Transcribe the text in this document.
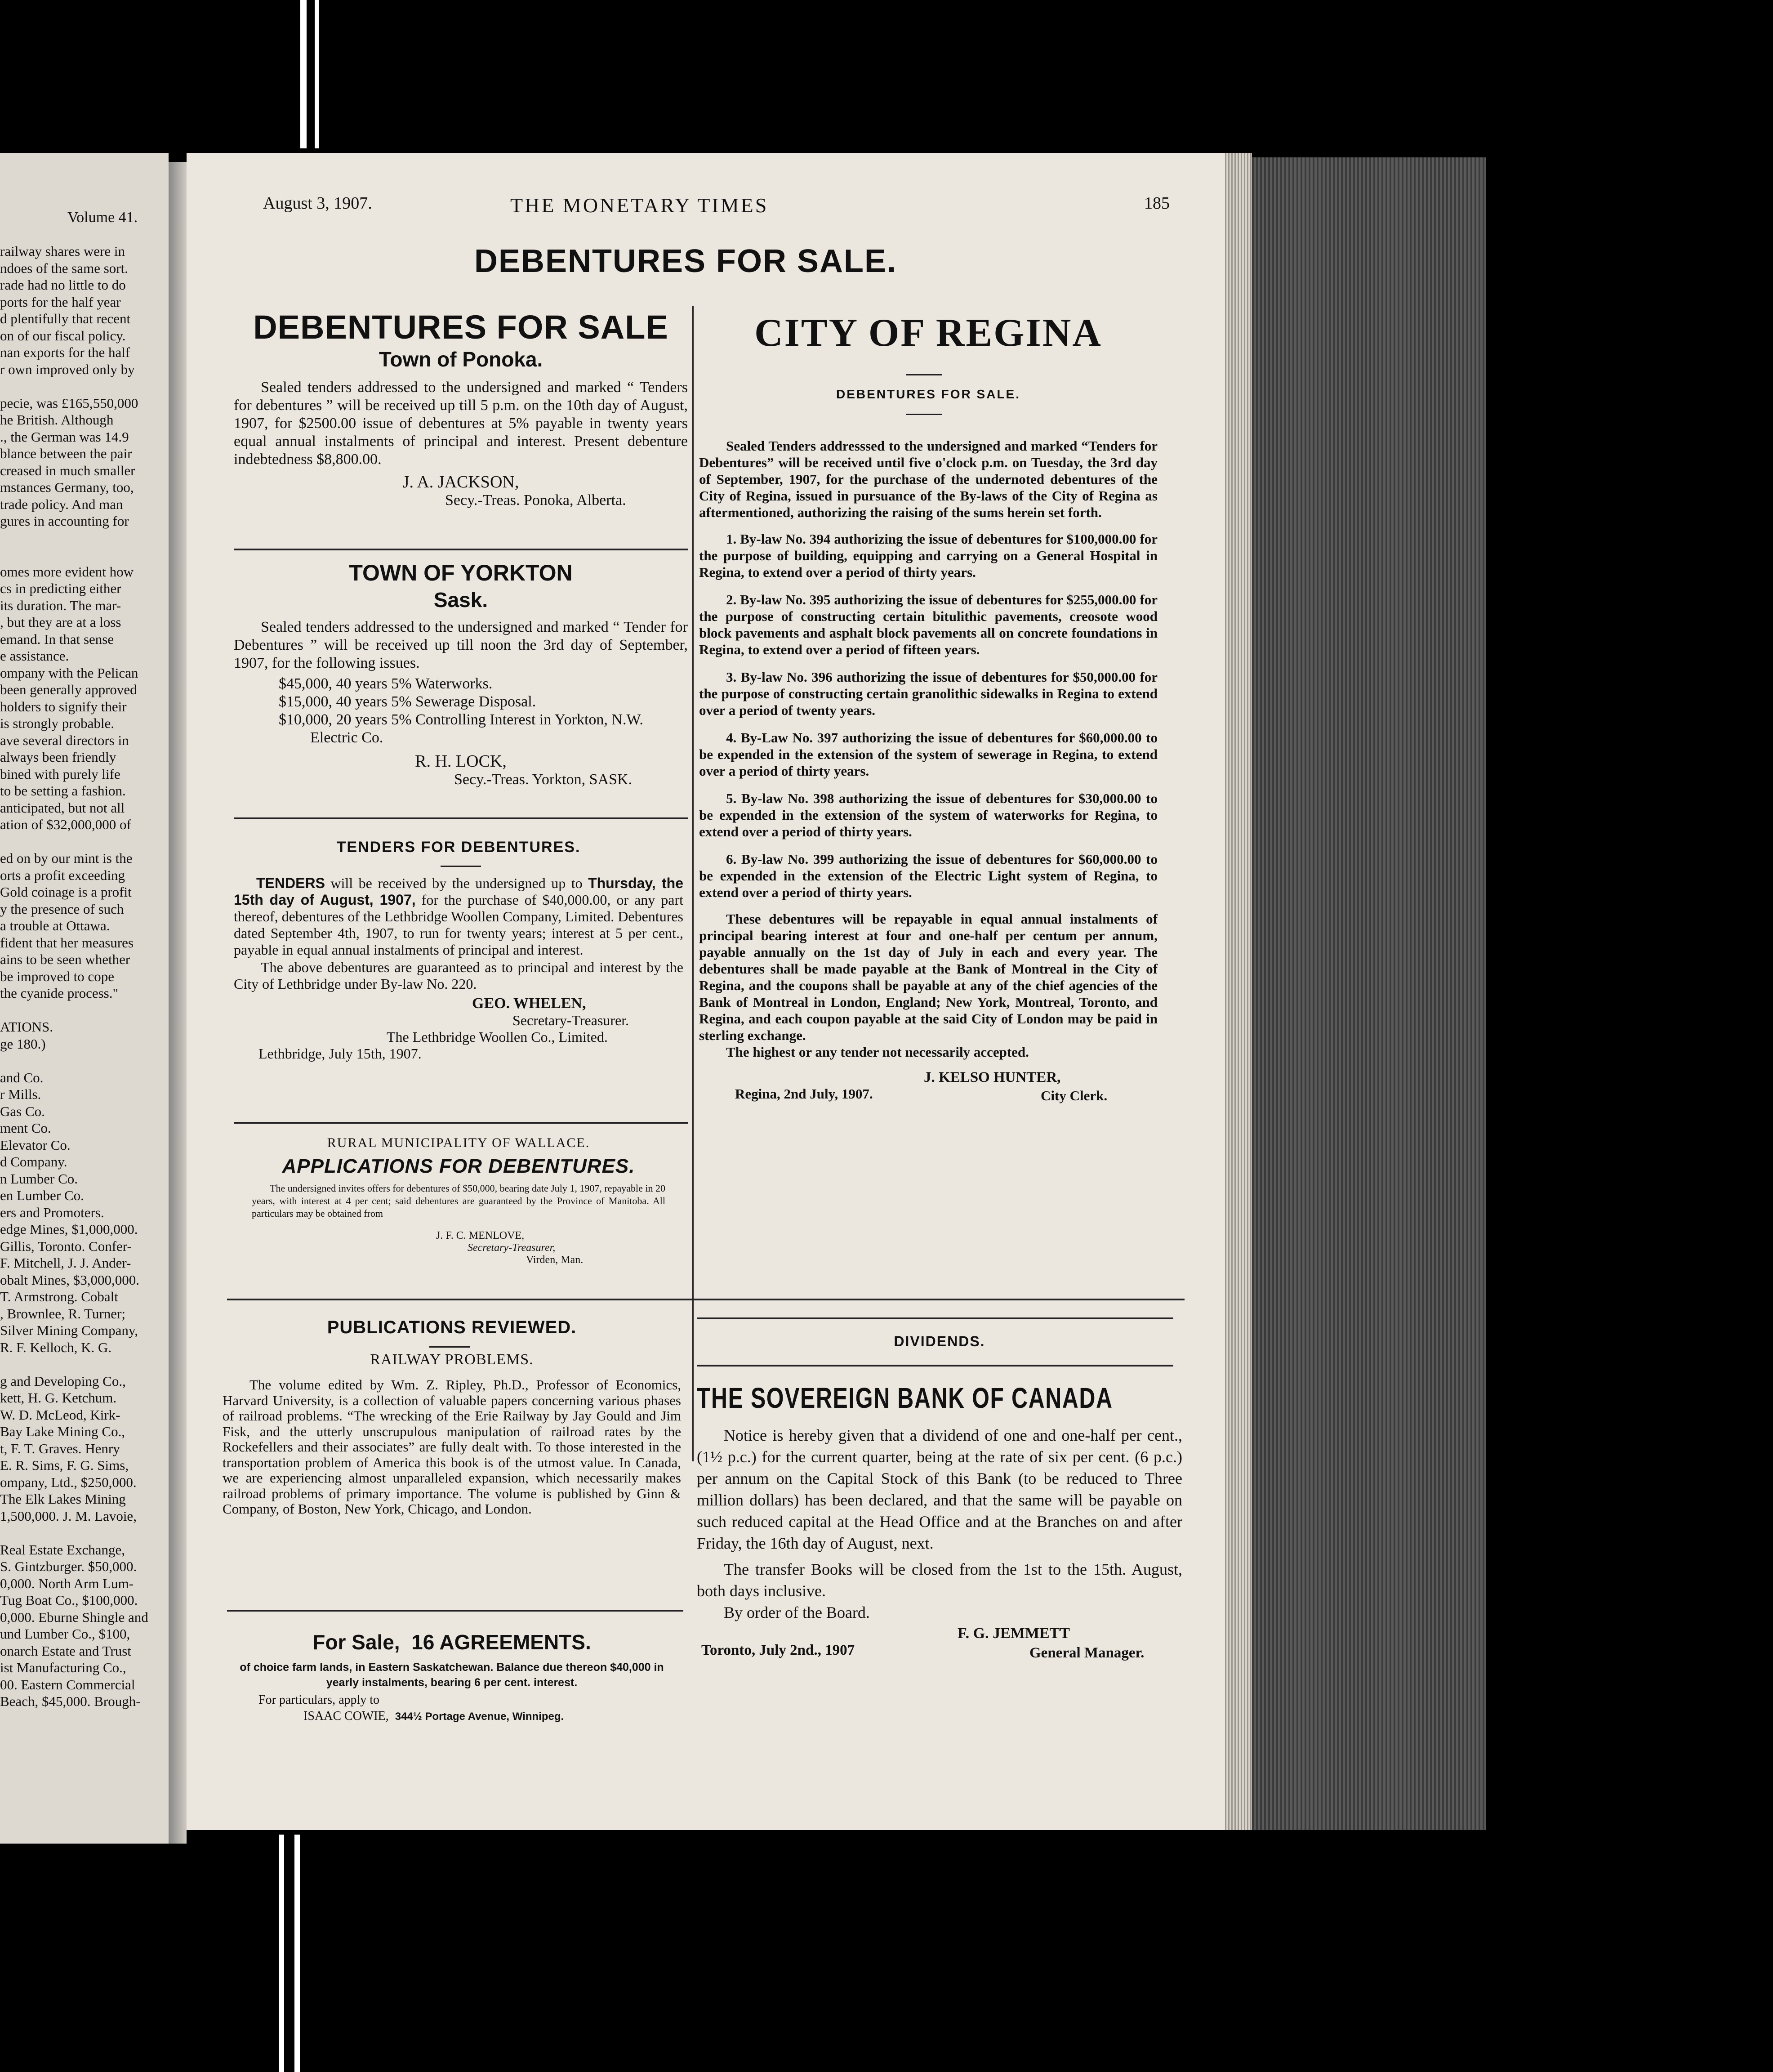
Volume 41.
railway shares were in
ndoes of the same sort.
rade had no little to do
ports for the half year
d plentifully that recent
on of our fiscal policy.
nan exports for the half
r own improved only by

pecie, was £165,550,000
he British. Although
., the German was 14.9
blance between the pair
creased in much smaller
mstances Germany, too,
trade policy. And man
gures in accounting for

omes more evident how
cs in predicting either
its duration. The mar-
, but they are at a loss
emand. In that sense
e assistance.
ompany with the Pelican
been generally approved
holders to signify their
is strongly probable.
ave several directors in
always been friendly
bined with purely life
to be setting a fashion.
anticipated, but not all
ation of $32,000,000 of

ed on by our mint is the
orts a profit exceeding
Gold coinage is a profit
y the presence of such
a trouble at Ottawa.
fident that her measures
ains to be seen whether
be improved to cope
the cyanide process."

ATIONS.
ge 180.)

and Co.
r Mills.
Gas Co.
ment Co.
Elevator Co.
d Company.
n Lumber Co.
en Lumber Co.
ers and Promoters.
edge Mines, $1,000,000.
Gillis, Toronto. Confer-
F. Mitchell, J. J. Ander-
obalt Mines, $3,000,000.
T. Armstrong. Cobalt
, Brownlee, R. Turner;
Silver Mining Company,
R. F. Kelloch, K. G.

g and Developing Co.,
kett, H. G. Ketchum.
W. D. McLeod, Kirk-
Bay Lake Mining Co.,
t, F. T. Graves. Henry
E. R. Sims, F. G. Sims,
ompany, Ltd., $250,000.
The Elk Lakes Mining
1,500,000. J. M. Lavoie,

Real Estate Exchange,
S. Gintzburger. $50,000.
0,000. North Arm Lum-
Tug Boat Co., $100,000.
0,000. Eburne Shingle and
und Lumber Co., $100,
onarch Estate and Trust
ist Manufacturing Co.,
00. Eastern Commercial
Beach, $45,000. Brough-
August 3, 1907.	THE MONETARY TIMES	185
DEBENTURES FOR SALE.
DEBENTURES FOR SALE
Town of Ponoka.

Sealed tenders addressed to the undersigned and marked “ Tenders for debentures ” will be received up till 5 p.m. on the 10th day of August, 1907, for $2500.00 issue of debentures at 5% payable in twenty years equal annual instalments of principal and interest. Present debenture indebtedness $8,800.00.

J. A. JACKSON,
Secy.-Treas. Ponoka, Alberta.
TOWN OF YORKTON
Sask.

Sealed tenders addressed to the undersigned and marked “ Tender for Debentures ” will be received up till noon the 3rd day of September, 1907, for the following issues.

$45,000, 40 years 5% Waterworks.
$15,000, 40 years 5% Sewerage Disposal.
$10,000, 20 years 5% Controlling Interest in Yorkton, N.W. Electric Co.
R. H. LOCK,
Secy.-Treas. Yorkton, SASK.
TENDERS FOR DEBENTURES.

TENDERS will be received by the undersigned up to Thursday, the 15th day of August, 1907, for the purchase of $40,000.00, or any part thereof, debentures of the Lethbridge Woollen Company, Limited. Debentures dated September 4th, 1907, to run for twenty years; interest at 5 per cent., payable in equal annual instalments of principal and interest.

The above debentures are guaranteed as to principal and interest by the City of Lethbridge under By-law No. 220.

GEO. WHELEN,
Secretary-Treasurer.
The Lethbridge Woollen Co., Limited.
Lethbridge, July 15th, 1907.
RURAL MUNICIPALITY OF WALLACE.
APPLICATIONS FOR DEBENTURES.

The undersigned invites offers for debentures of $50,000, bearing date July 1, 1907, repayable in 20 years, with interest at 4 per cent; said debentures are guaranteed by the Province of Manitoba. All particulars may be obtained from

J. F. C. MENLOVE,
Secretary-Treasurer,
Virden, Man.
PUBLICATIONS REVIEWED.
RAILWAY PROBLEMS.

The volume edited by Wm. Z. Ripley, Ph.D., Professor of Economics, Harvard University, is a collection of valuable papers concerning various phases of railroad problems. “The wrecking of the Erie Railway by Jay Gould and Jim Fisk, and the utterly unscrupulous manipulation of railroad rates by the Rockefellers and their associates” are fully dealt with. To those interested in the transportation problem of America this book is of the utmost value. In Canada, we are experiencing almost unparalleled expansion, which necessarily makes railroad problems of primary importance. The volume is published by Ginn & Company, of Boston, New York, Chicago, and London.

For Sale, 16 AGREEMENTS.

of choice farm lands, in Eastern Saskatchewan. Balance due thereon $40,000 in yearly instalments, bearing 6 per cent. interest.

For particulars, apply to
ISAAC COWIE, 344½ Portage Avenue, Winnipeg.
CITY OF REGINA
DEBENTURES FOR SALE.

Sealed Tenders addresssed to the undersigned and marked “Tenders for Debentures” will be received until five o'clock p.m. on Tuesday, the 3rd day of September, 1907, for the purchase of the undernoted debentures of the City of Regina, issued in pursuance of the By-laws of the City of Regina as aftermentioned, authorizing the raising of the sums herein set forth.

1. By-law No. 394 authorizing the issue of debentures for $100,000.00 for the purpose of building, equipping and carrying on a General Hospital in Regina, to extend over a period of thirty years.

2. By-law No. 395 authorizing the issue of debentures for $255,000.00 for the purpose of constructing certain bitulithic pavements, creosote wood block pavements and asphalt block pavements all on concrete foundations in Regina, to extend over a period of fifteen years.

3. By-law No. 396 authorizing the issue of debentures for $50,000.00 for the purpose of constructing certain granolithic sidewalks in Regina to extend over a period of twenty years.

4. By-Law No. 397 authorizing the issue of debentures for $60,000.00 to be expended in the extension of the system of sewerage in Regina, to extend over a period of thirty years.

5. By-law No. 398 authorizing the issue of debentures for $30,000.00 to be expended in the extension of the system of waterworks for Regina, to extend over a period of thirty years.

6. By-law No. 399 authorizing the issue of debentures for $60,000.00 to be expended in the extension of the Electric Light system of Regina, to extend over a period of thirty years.

These debentures will be repayable in equal annual instalments of principal bearing interest at four and one-half per centum per annum, payable annually on the 1st day of July in each and every year. The debentures shall be made payable at the Bank of Montreal in the City of Regina, and the coupons shall be payable at any of the chief agencies of the Bank of Montreal in London, England; New York, Montreal, Toronto, and Regina, and each coupon payable at the said City of London may be paid in sterling exchange.

The highest or any tender not necessarily accepted.

J. KELSO HUNTER,
Regina, 2nd July, 1907.	City Clerk.
DIVIDENDS.
THE SOVEREIGN BANK OF CANADA

Notice is hereby given that a dividend of one and one-half per cent., (1½ p.c.) for the current quarter, being at the rate of six per cent. (6 p.c.) per annum on the Capital Stock of this Bank (to be reduced to Three million dollars) has been declared, and that the same will be payable on such reduced capital at the Head Office and at the Branches on and after Friday, the 16th day of August, next.

The transfer Books will be closed from the 1st to the 15th. August, both days inclusive.

By order of the Board.

F. G. JEMMETT
Toronto, July 2nd., 1907	General Manager.
